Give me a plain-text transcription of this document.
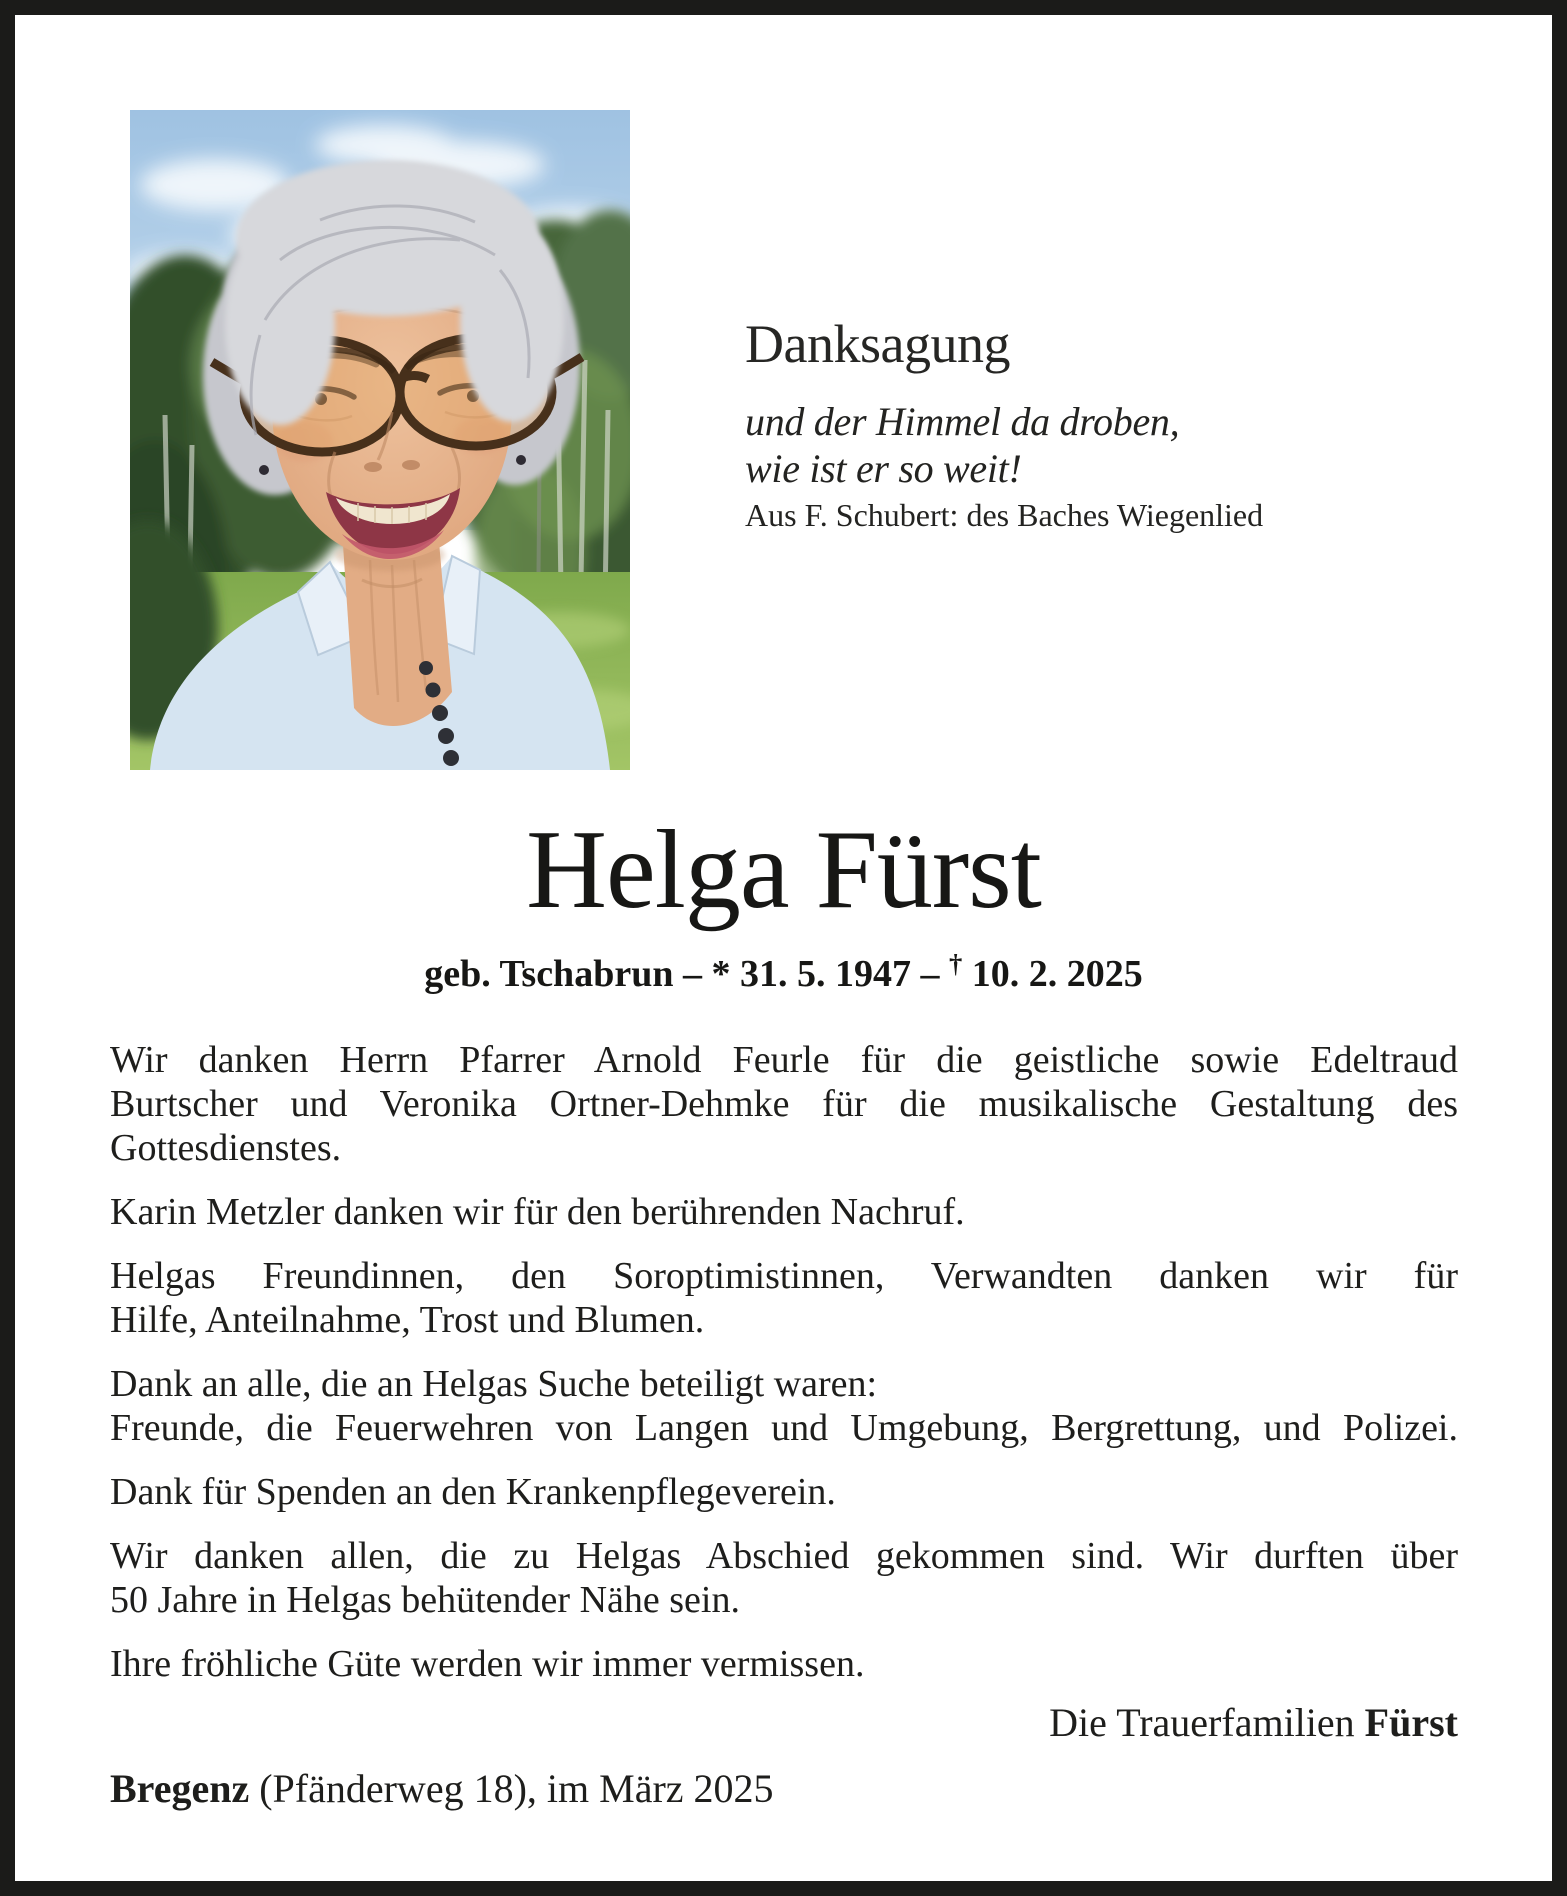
Danksagung
und der Himmel da droben,
wie ist er so weit!
Aus F. Schubert: des Baches Wiegenlied
Helga Fürst
geb. Tschabrun – * 31. 5. 1947 – † 10. 2. 2025
Wir danken Herrn Pfarrer Arnold Feurle für die geistliche sowie Edeltraud
Burtscher und Veronika Ortner-Dehmke für die musikalische Gestaltung des
Gottesdienstes.
Karin Metzler danken wir für den berührenden Nachruf.
Helgas Freundinnen, den Soroptimistinnen, Verwandten danken wir für
Hilfe, Anteilnahme, Trost und Blumen.
Dank an alle, die an Helgas Suche beteiligt waren:
Freunde, die Feuerwehren von Langen und Umgebung, Bergrettung, und Polizei.
Dank für Spenden an den Krankenpflegeverein.
Wir danken allen, die zu Helgas Abschied gekommen sind. Wir durften über
50 Jahre in Helgas behütender Nähe sein.
Ihre fröhliche Güte werden wir immer vermissen.
Die Trauerfamilien Fürst
Bregenz (Pfänderweg 18), im März 2025
